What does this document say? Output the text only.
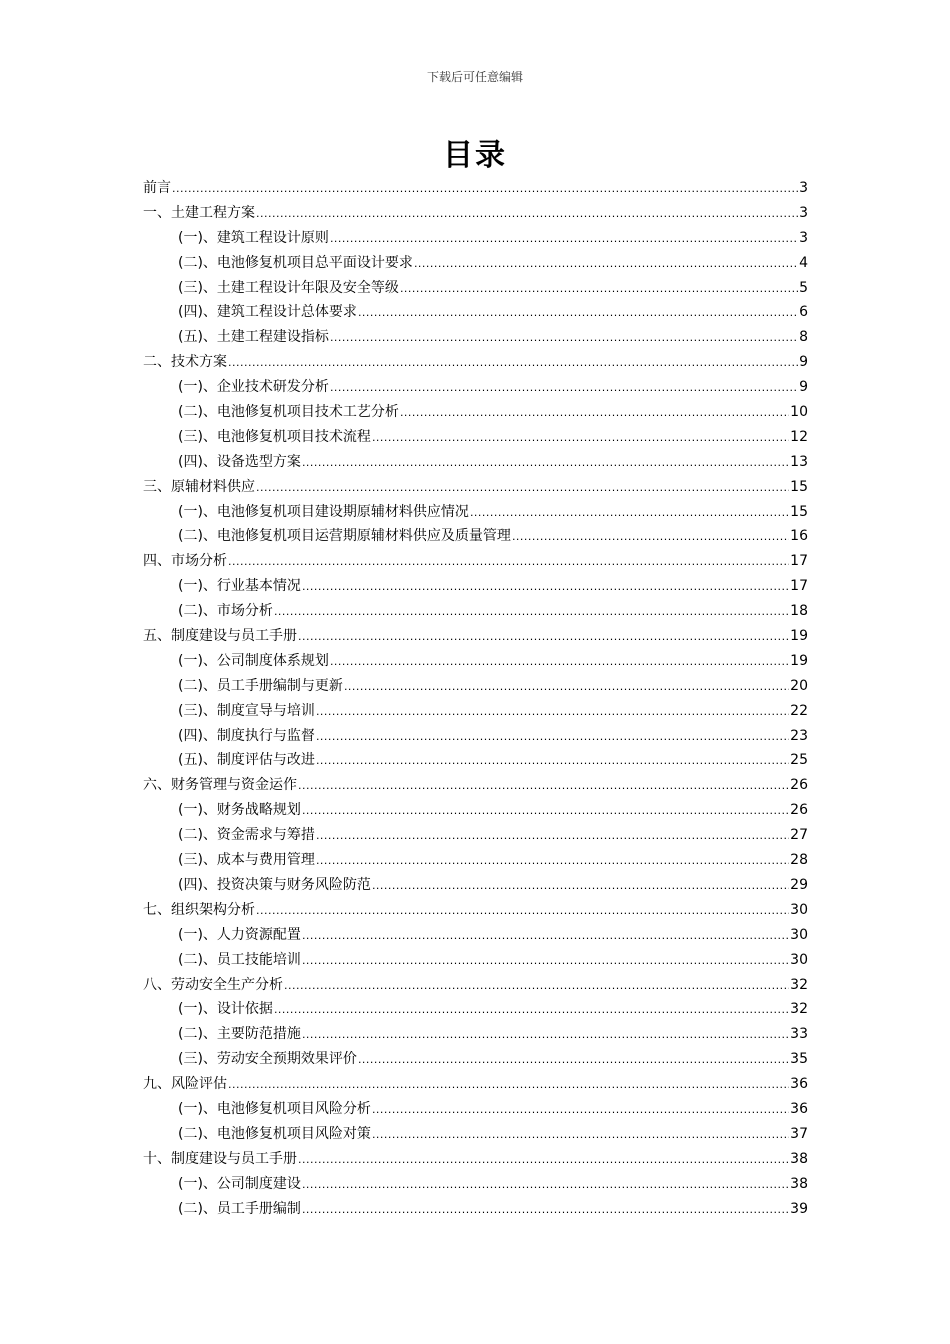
下载后可任意编辑
目录
前言 .....	3
一、土建工程方案 .....	3
(一)、建筑工程设计原则 .....	3
(二)、电池修复机项目总平面设计要求 .....	4
(三)、土建工程设计年限及安全等级 .....	5
(四)、建筑工程设计总体要求 .....	6
(五)、土建工程建设指标 .....	8
二、技术方案 .....	9
(一)、企业技术研发分析 .....	9
(二)、电池修复机项目技术工艺分析 .....	10
(三)、电池修复机项目技术流程 .....	12
(四)、设备选型方案 .....	13
三、原辅材料供应 .....	15
(一)、电池修复机项目建设期原辅材料供应情况 .....	15
(二)、电池修复机项目运营期原辅材料供应及质量管理 .....	16
四、市场分析 .....	17
(一)、行业基本情况 .....	17
(二)、市场分析 .....	18
五、制度建设与员工手册 .....	19
(一)、公司制度体系规划 .....	19
(二)、员工手册编制与更新 .....	20
(三)、制度宣导与培训 .....	22
(四)、制度执行与监督 .....	23
(五)、制度评估与改进 .....	25
六、财务管理与资金运作 .....	26
(一)、财务战略规划 .....	26
(二)、资金需求与筹措 .....	27
(三)、成本与费用管理 .....	28
(四)、投资决策与财务风险防范 .....	29
七、组织架构分析 .....	30
(一)、人力资源配置 .....	30
(二)、员工技能培训 .....	30
八、劳动安全生产分析 .....	32
(一)、设计依据 .....	32
(二)、主要防范措施 .....	33
(三)、劳动安全预期效果评价 .....	35
九、风险评估 .....	36
(一)、电池修复机项目风险分析 .....	36
(二)、电池修复机项目风险对策 .....	37
十、制度建设与员工手册 .....	38
(一)、公司制度建设 .....	38
(二)、员工手册编制 .....	39
